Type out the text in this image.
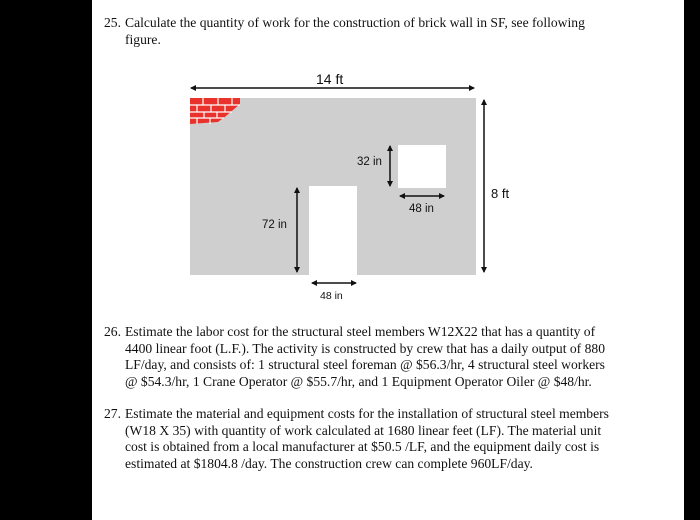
25. Calculate the quantity of work for the construction of brick wall in SF, see following
figure.
14 ft
8 ft
32 in
48 in
72 in
48 in
26. Estimate the labor cost for the structural steel members W12X22 that has a quantity of
4400 linear foot (L.F.). The activity is constructed by crew that has a daily output of 880
LF/day, and consists of: 1 structural steel foreman @ $56.3/hr, 4 structural steel workers
@ $54.3/hr, 1 Crane Operator @ $55.7/hr, and 1 Equipment Operator Oiler @ $48/hr.
27. Estimate the material and equipment costs for the installation of structural steel members
(W18 X 35) with quantity of work calculated at 1680 linear feet (LF). The material unit
cost is obtained from a local manufacturer at $50.5 /LF, and the equipment daily cost is
estimated at $1804.8 /day. The construction crew can complete 960LF/day.
